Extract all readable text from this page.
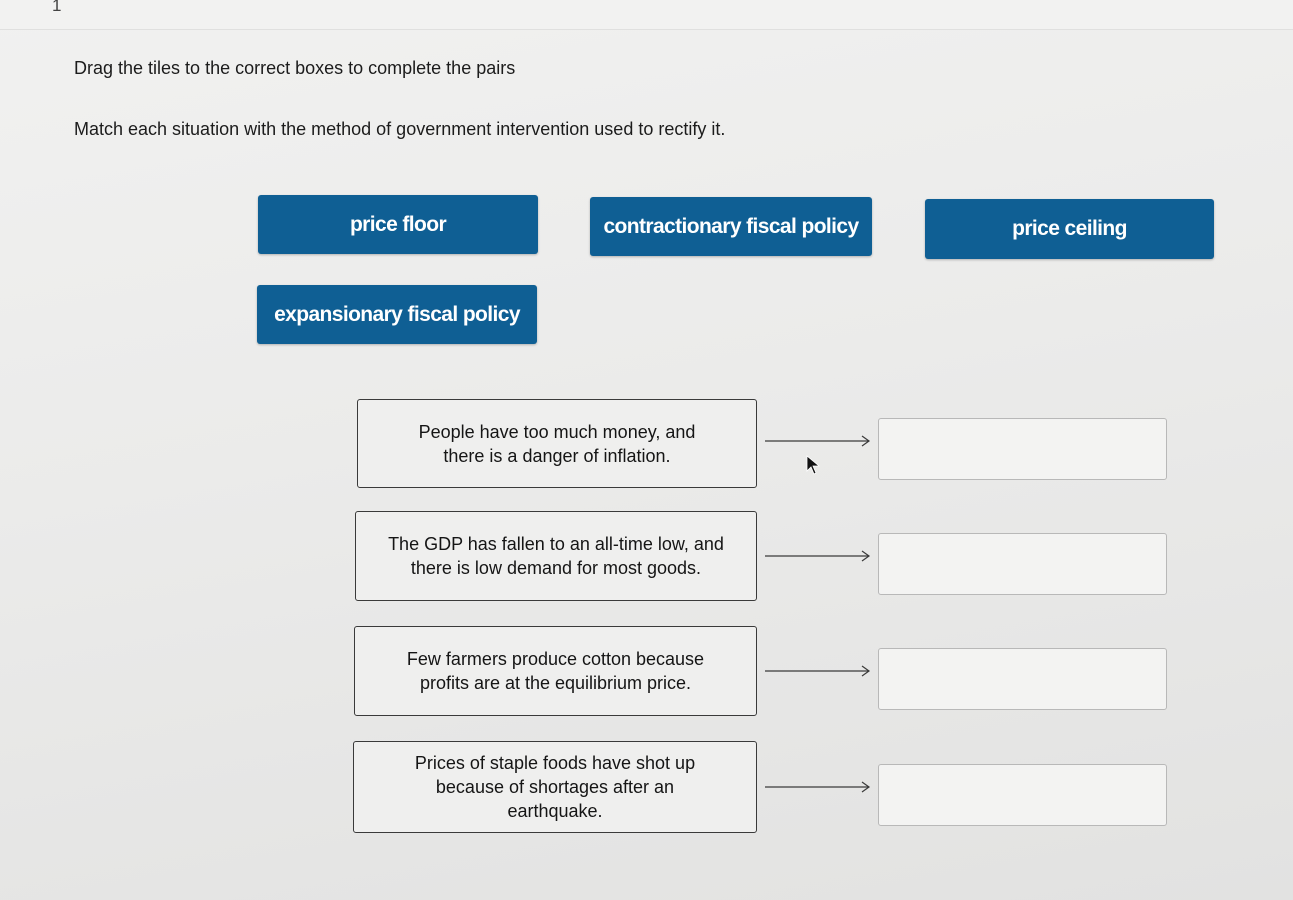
1
Drag the tiles to the correct boxes to complete the pairs
Match each situation with the method of government intervention used to rectify it.
price floor	contractionary fiscal policy	price ceiling
expansionary fiscal policy
People have too much money, and
there is a danger of inflation.
The GDP has fallen to an all-time low, and
there is low demand for most goods.
Few farmers produce cotton because
profits are at the equilibrium price.
Prices of staple foods have shot up
because of shortages after an
earthquake.
